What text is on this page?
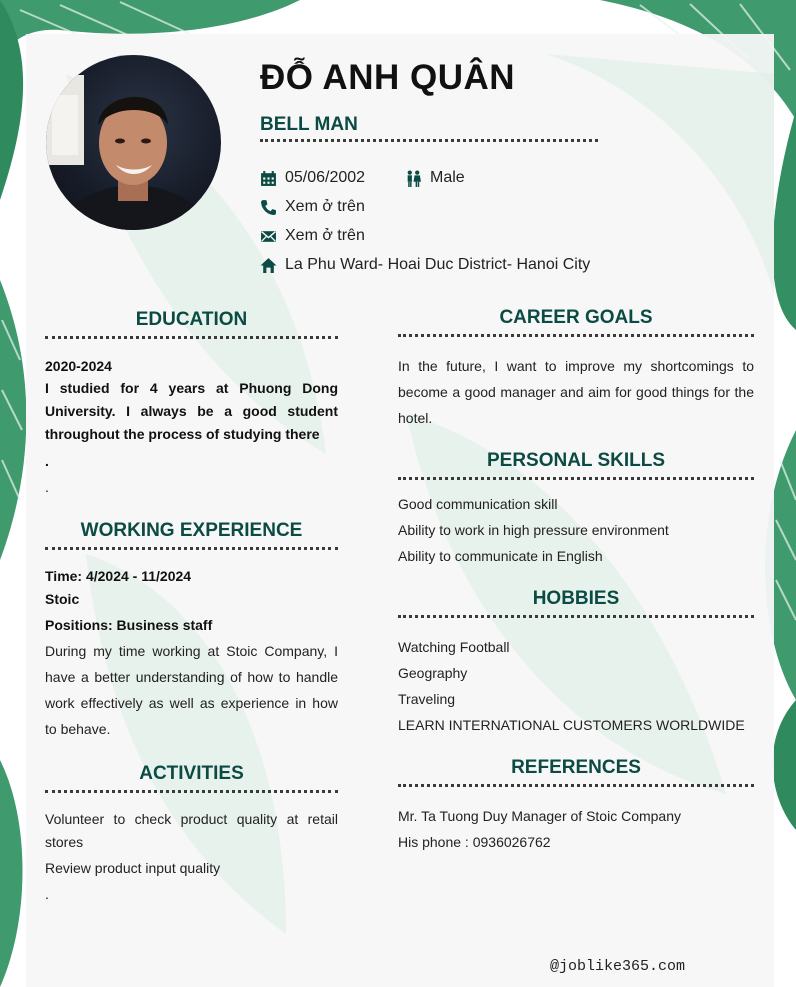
ĐỖ ANH QUÂN
BELL MAN
05/06/2002	Male
Xem ở trên
Xem ở trên
La Phu Ward- Hoai Duc District- Hanoi City
EDUCATION
2020-2024
I studied for 4 years at Phuong Dong University. I always be a good student throughout the process of studying there
.
.
WORKING EXPERIENCE
Time: 4/2024 - 11/2024
Stoic
Positions: Business staff
During my time working at Stoic Company, I have a better understanding of how to handle work effectively as well as experience in how to behave.
ACTIVITIES
Volunteer to check product quality at retail stores
Review product input quality
.
CAREER GOALS
In the future, I want to improve my shortcomings to become a good manager and aim for good things for the hotel.
PERSONAL SKILLS
Good communication skill
Ability to work in high pressure environment
Ability to communicate in English
HOBBIES
Watching Football
Geography
Traveling
LEARN INTERNATIONAL CUSTOMERS WORLDWIDE
REFERENCES
Mr. Ta Tuong Duy Manager of Stoic Company
His phone : 0936026762
@joblike365.com
